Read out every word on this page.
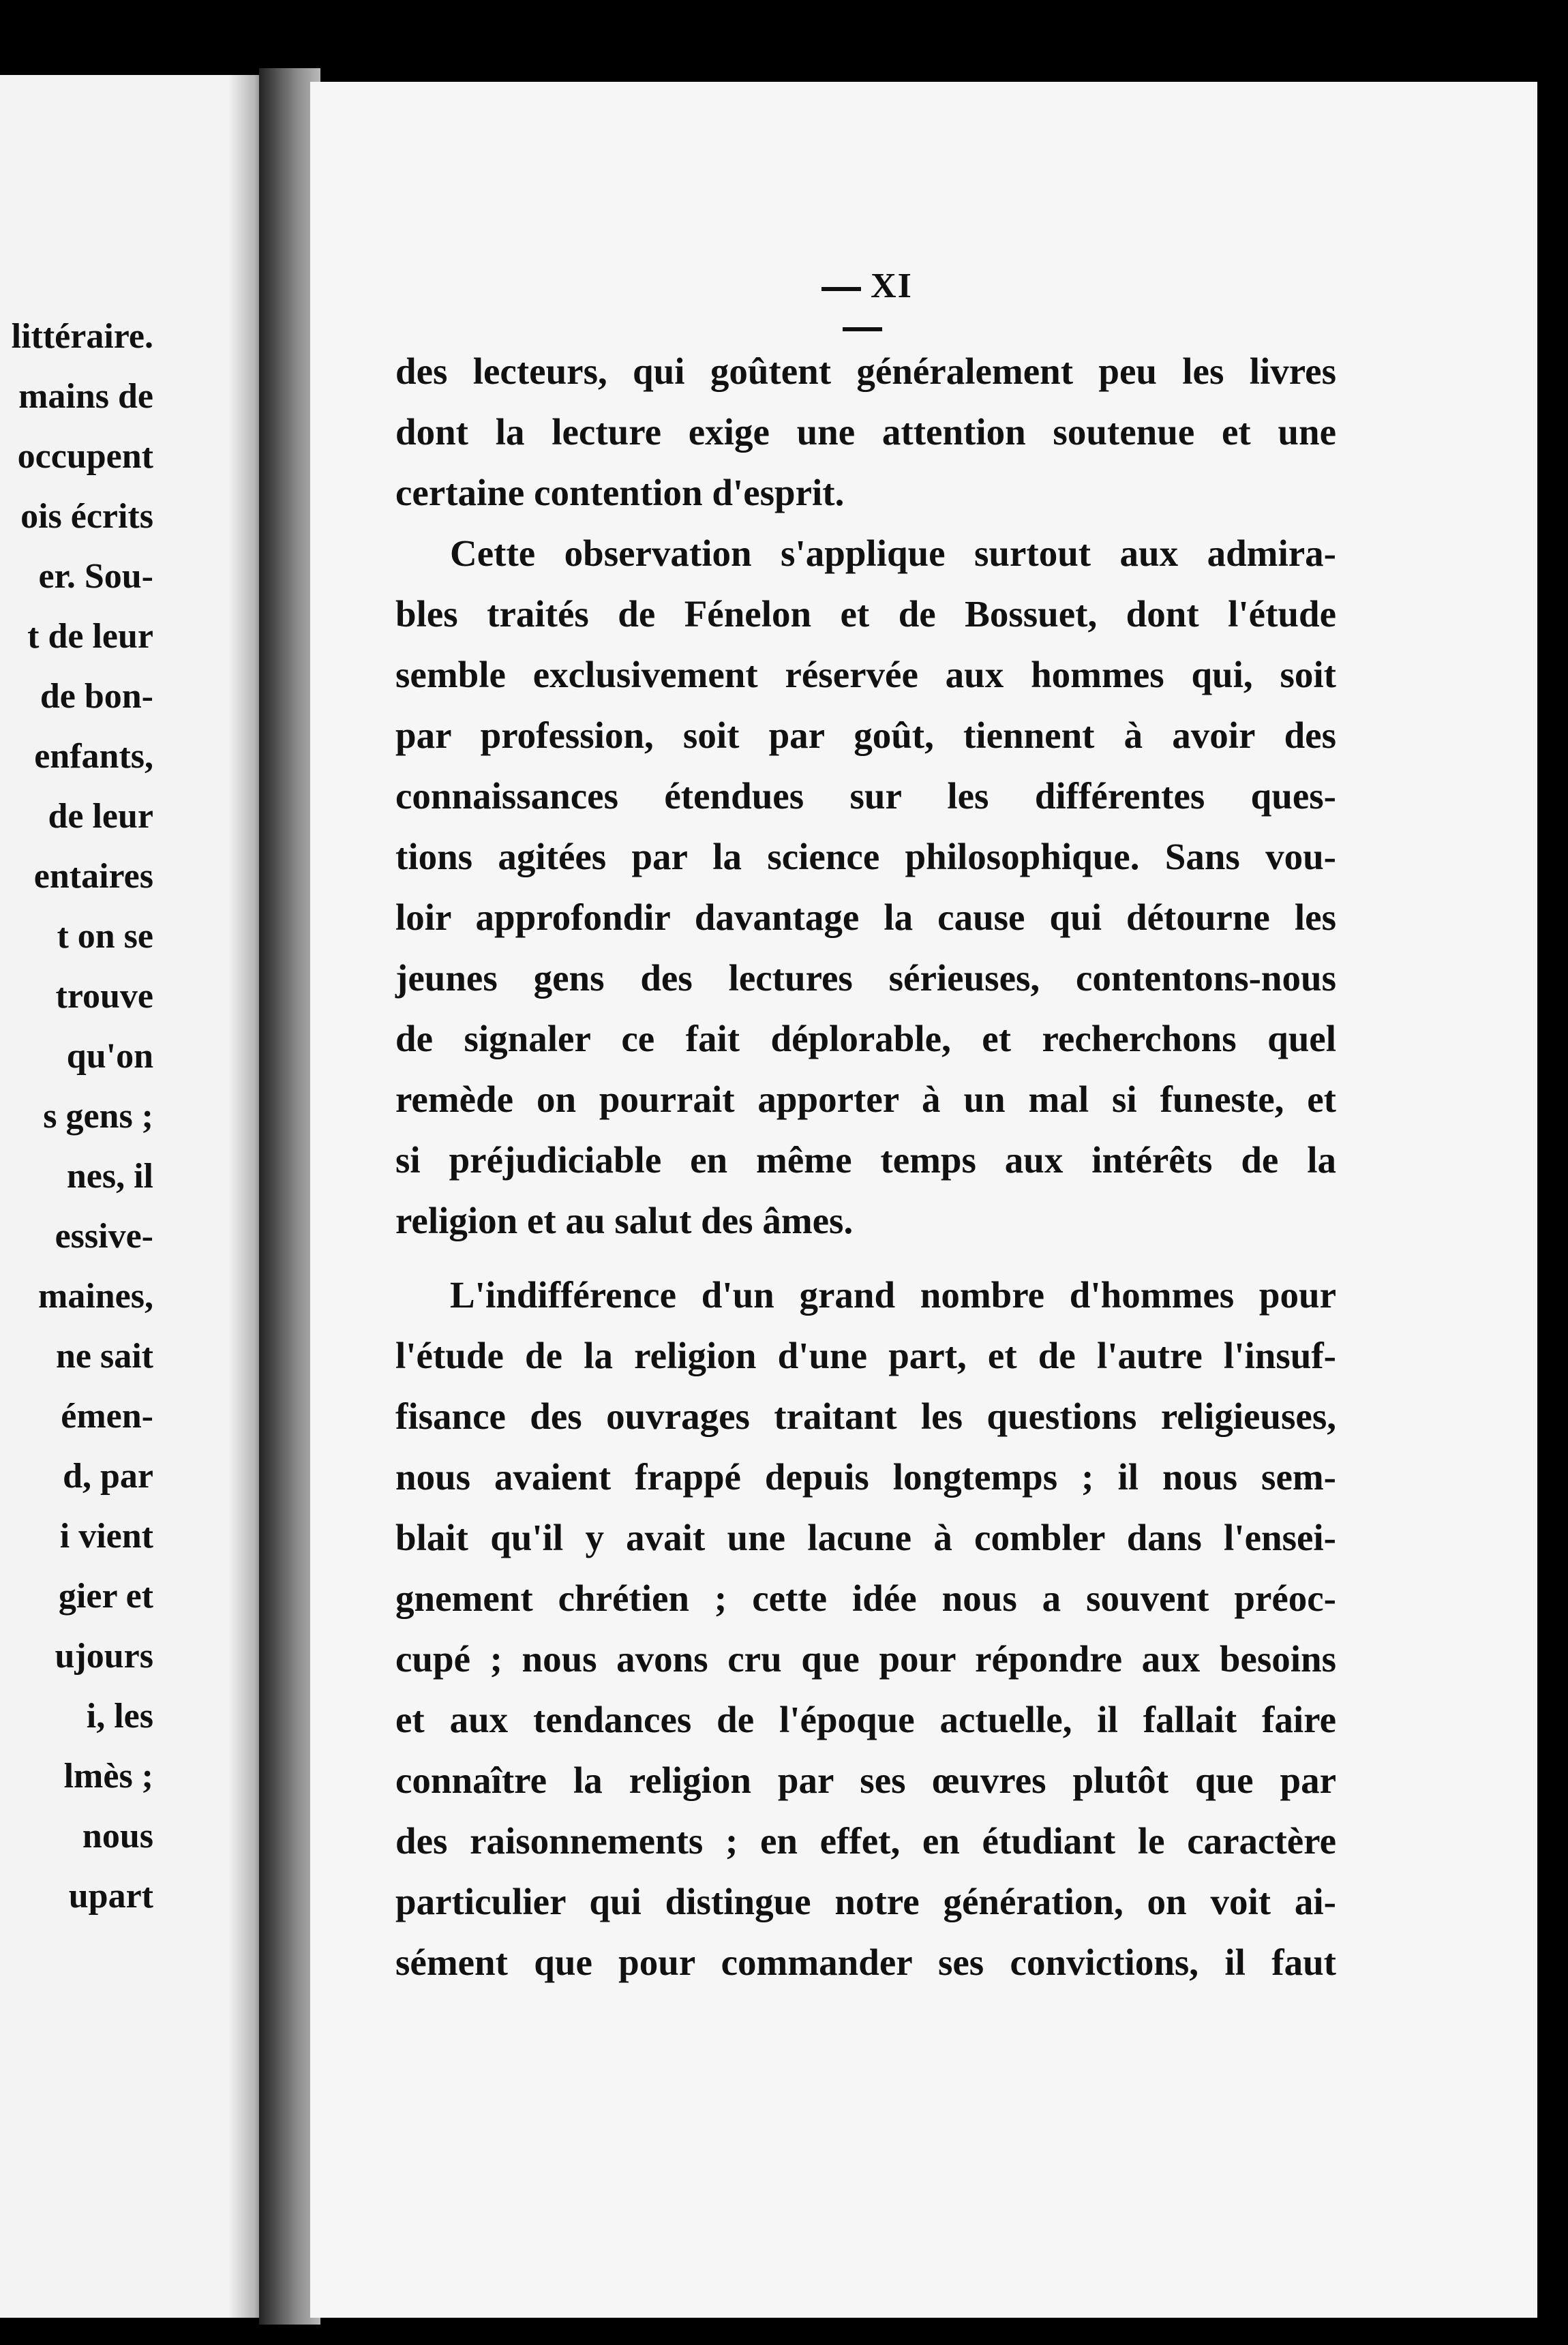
littéraire.
mains de
occupent
ois écrits
er. Sou-
t de leur
de bon-
enfants,
de leur
entaires
t on se
trouve
qu'on
s gens ;
nes, il
essive-
maines,
ne sait
émen-
d, par
i vient
gier et
ujours
i, les
lmès ;
nous
upart
XI
des lecteurs, qui goûtent généralement peu les livres
dont la lecture exige une attention soutenue et une
certaine contention d'esprit.
Cette observation s'applique surtout aux admira-
bles traités de Fénelon et de Bossuet, dont l'étude
semble exclusivement réservée aux hommes qui, soit
par profession, soit par goût, tiennent à avoir des
connaissances étendues sur les différentes ques-
tions agitées par la science philosophique. Sans vou-
loir approfondir davantage la cause qui détourne les
jeunes gens des lectures sérieuses, contentons-nous
de signaler ce fait déplorable, et recherchons quel
remède on pourrait apporter à un mal si funeste, et
si préjudiciable en même temps aux intérêts de la
religion et au salut des âmes.
L'indifférence d'un grand nombre d'hommes pour
l'étude de la religion d'une part, et de l'autre l'insuf-
fisance des ouvrages traitant les questions religieuses,
nous avaient frappé depuis longtemps ; il nous sem-
blait qu'il y avait une lacune à combler dans l'ensei-
gnement chrétien ; cette idée nous a souvent préoc-
cupé ; nous avons cru que pour répondre aux besoins
et aux tendances de l'époque actuelle, il fallait faire
connaître la religion par ses œuvres plutôt que par
des raisonnements ; en effet, en étudiant le caractère
particulier qui distingue notre génération, on voit ai-
sément que pour commander ses convictions, il faut
